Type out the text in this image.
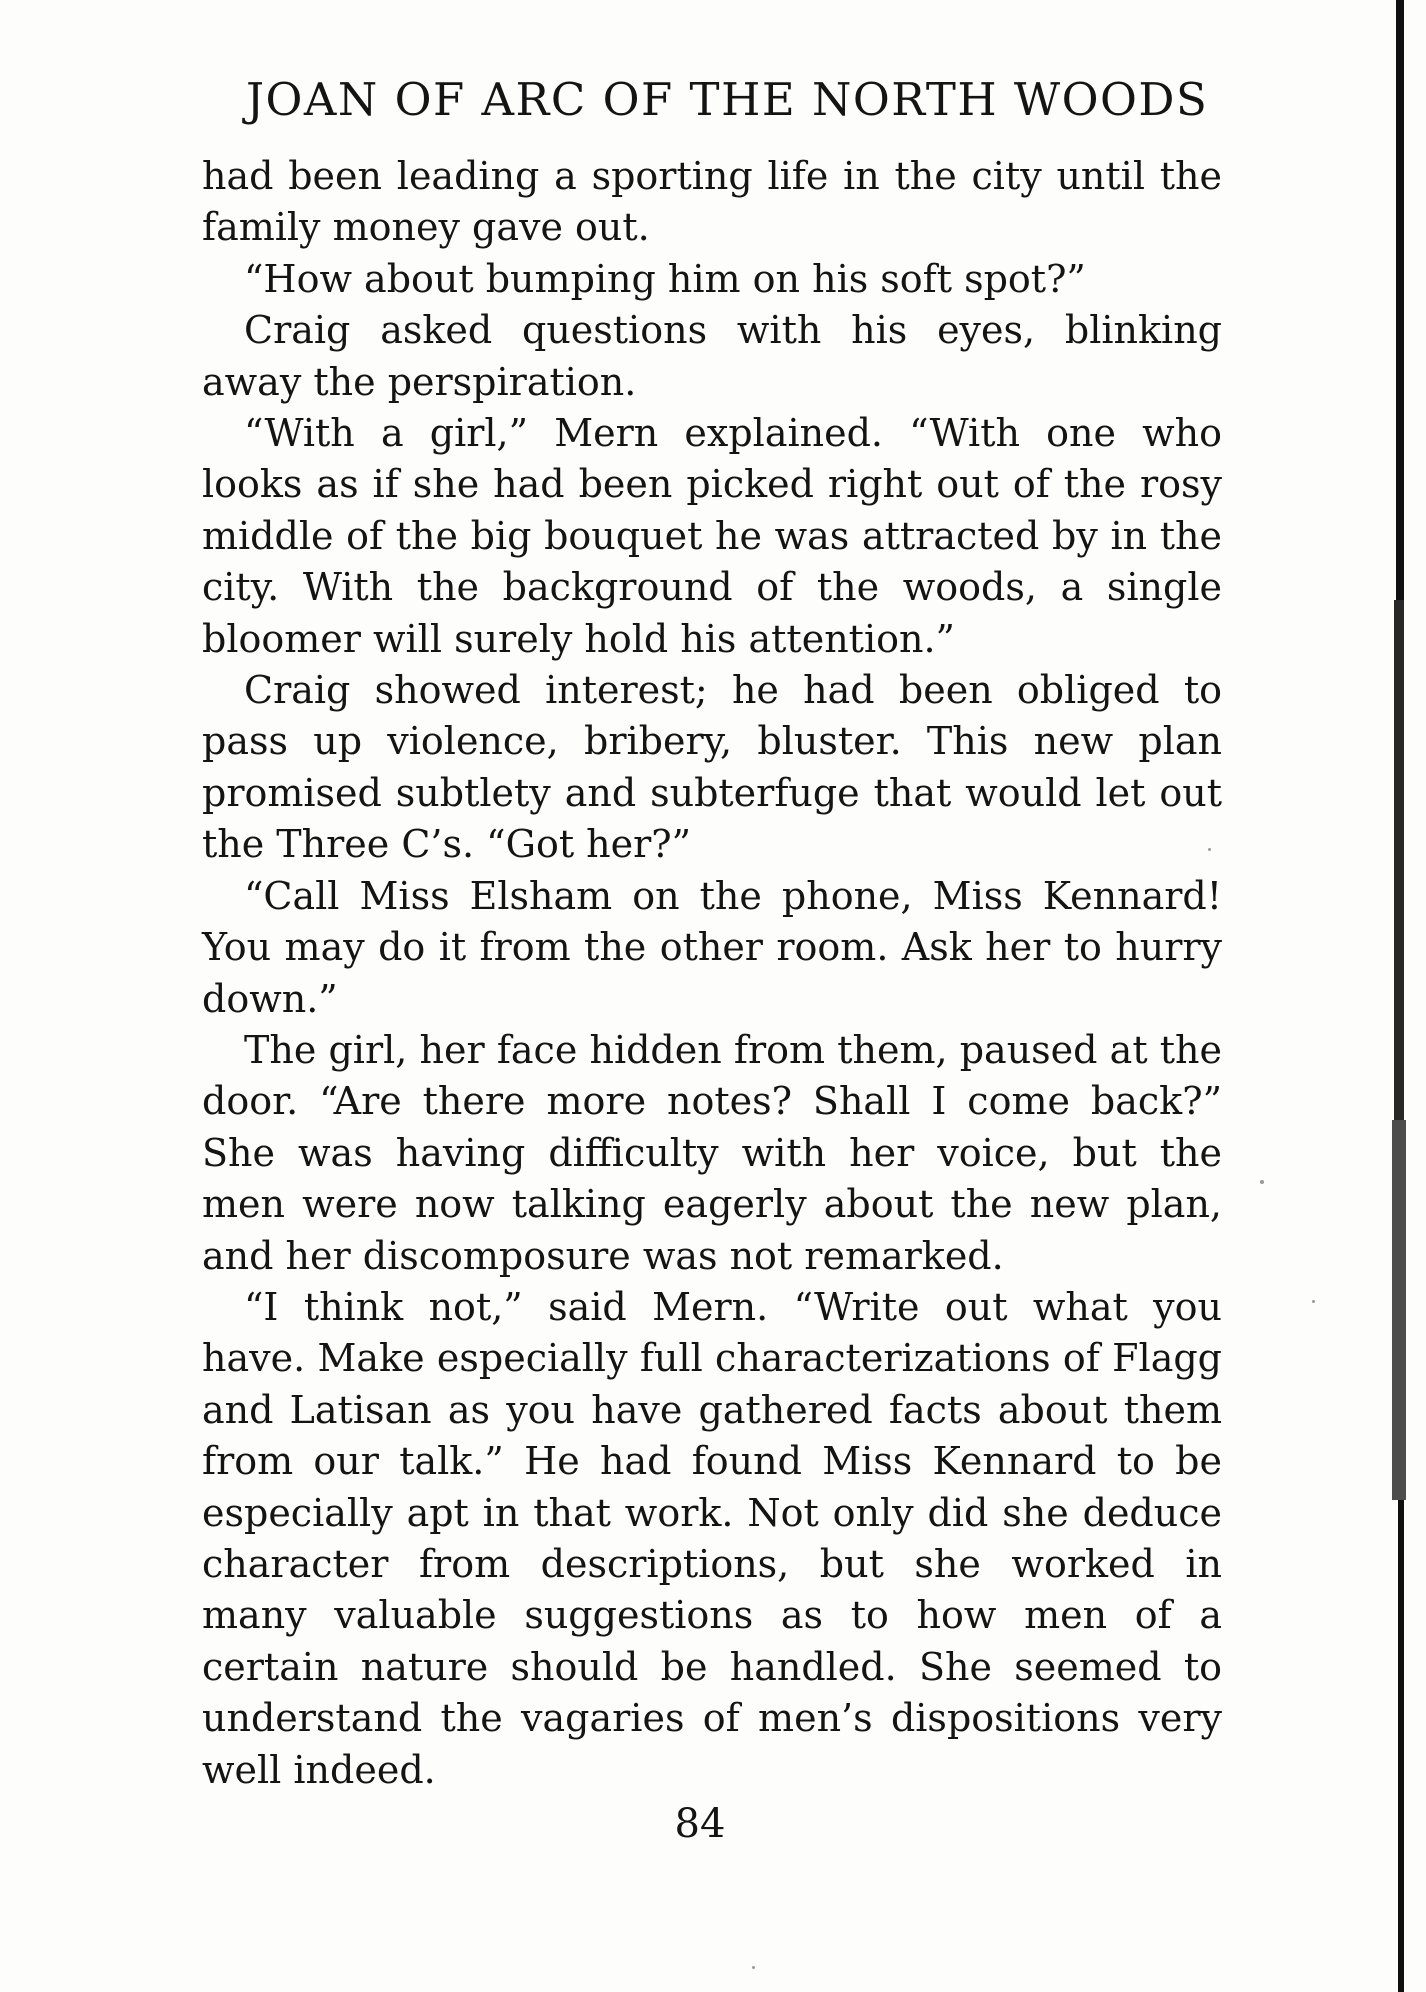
JOAN OF ARC OF THE NORTH WOODS

had been leading a sporting life in the city until the family money gave out.

“How about bumping him on his soft spot?”

Craig asked questions with his eyes, blinking away the perspiration.

“With a girl,” Mern explained. “With one who looks as if she had been picked right out of the rosy middle of the big bouquet he was attracted by in the city. With the background of the woods, a single bloomer will surely hold his attention.”

Craig showed interest; he had been obliged to pass up violence, bribery, bluster. This new plan promised subtlety and subterfuge that would let out the Three C’s. “Got her?”

“Call Miss Elsham on the phone, Miss Kennard! You may do it from the other room. Ask her to hurry down.”

The girl, her face hidden from them, paused at the door. “Are there more notes? Shall I come back?” She was having difficulty with her voice, but the men were now talking eagerly about the new plan, and her discomposure was not remarked.

“I think not,” said Mern. “Write out what you have. Make especially full characterizations of Flagg and Latisan as you have gathered facts about them from our talk.” He had found Miss Kennard to be especially apt in that work. Not only did she deduce character from descriptions, but she worked in many valuable suggestions as to how men of a certain nature should be handled. She seemed to understand the vagaries of men’s dispositions very well indeed.

84
